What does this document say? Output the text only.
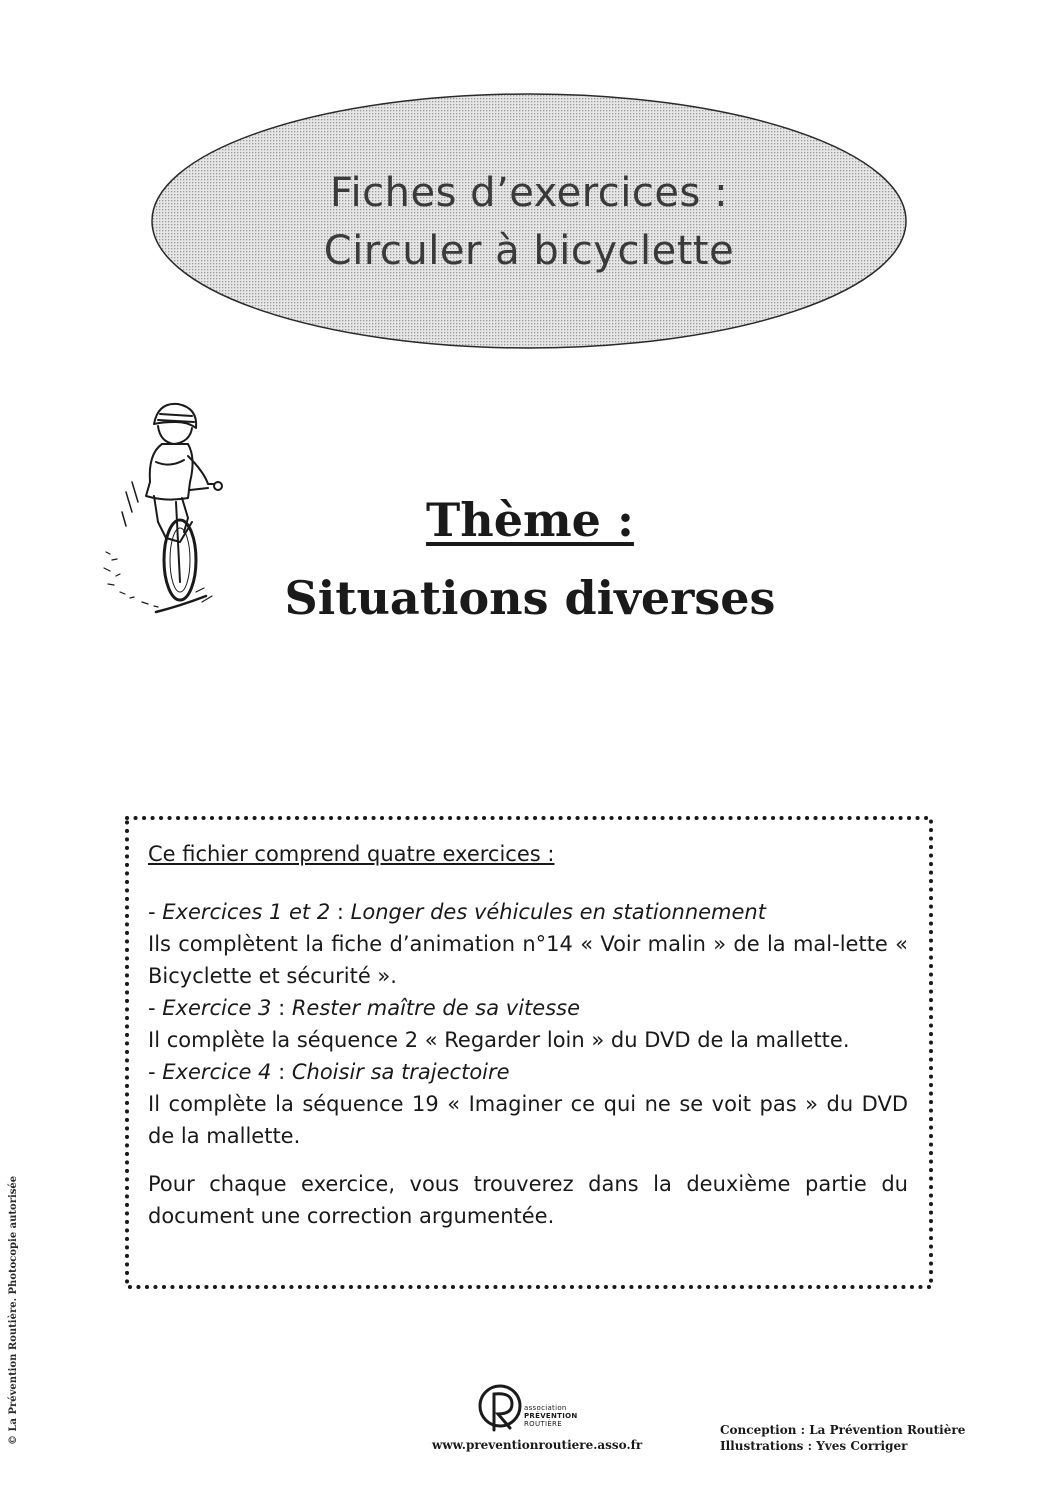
Fiches d’exercices :
Circuler à bicyclette
Thème :
Situations diverses

Ce fichier comprend quatre exercices :

- Exercices 1 et 2 : Longer des véhicules en stationnement

Ils complètent la fiche d’animation n°14 « Voir malin » de la mal-lette « Bicyclette et sécurité ».

- Exercice 3 : Rester maître de sa vitesse

Il complète la séquence 2 « Regarder loin » du DVD de la mallette.

- Exercice 4 : Choisir sa trajectoire

Il complète la séquence 19 « Imaginer ce qui ne se voit pas » du DVD de la mallette.

Pour chaque exercice, vous trouverez dans la deuxième partie du document une correction argumentée.

© La Prévention Routière. Photocopie autorisée	association
PRÉVENTION
ROUTIÈRE
www.preventionroutiere.asso.fr
Conception : La Prévention Routière
Illustrations : Yves Corriger
